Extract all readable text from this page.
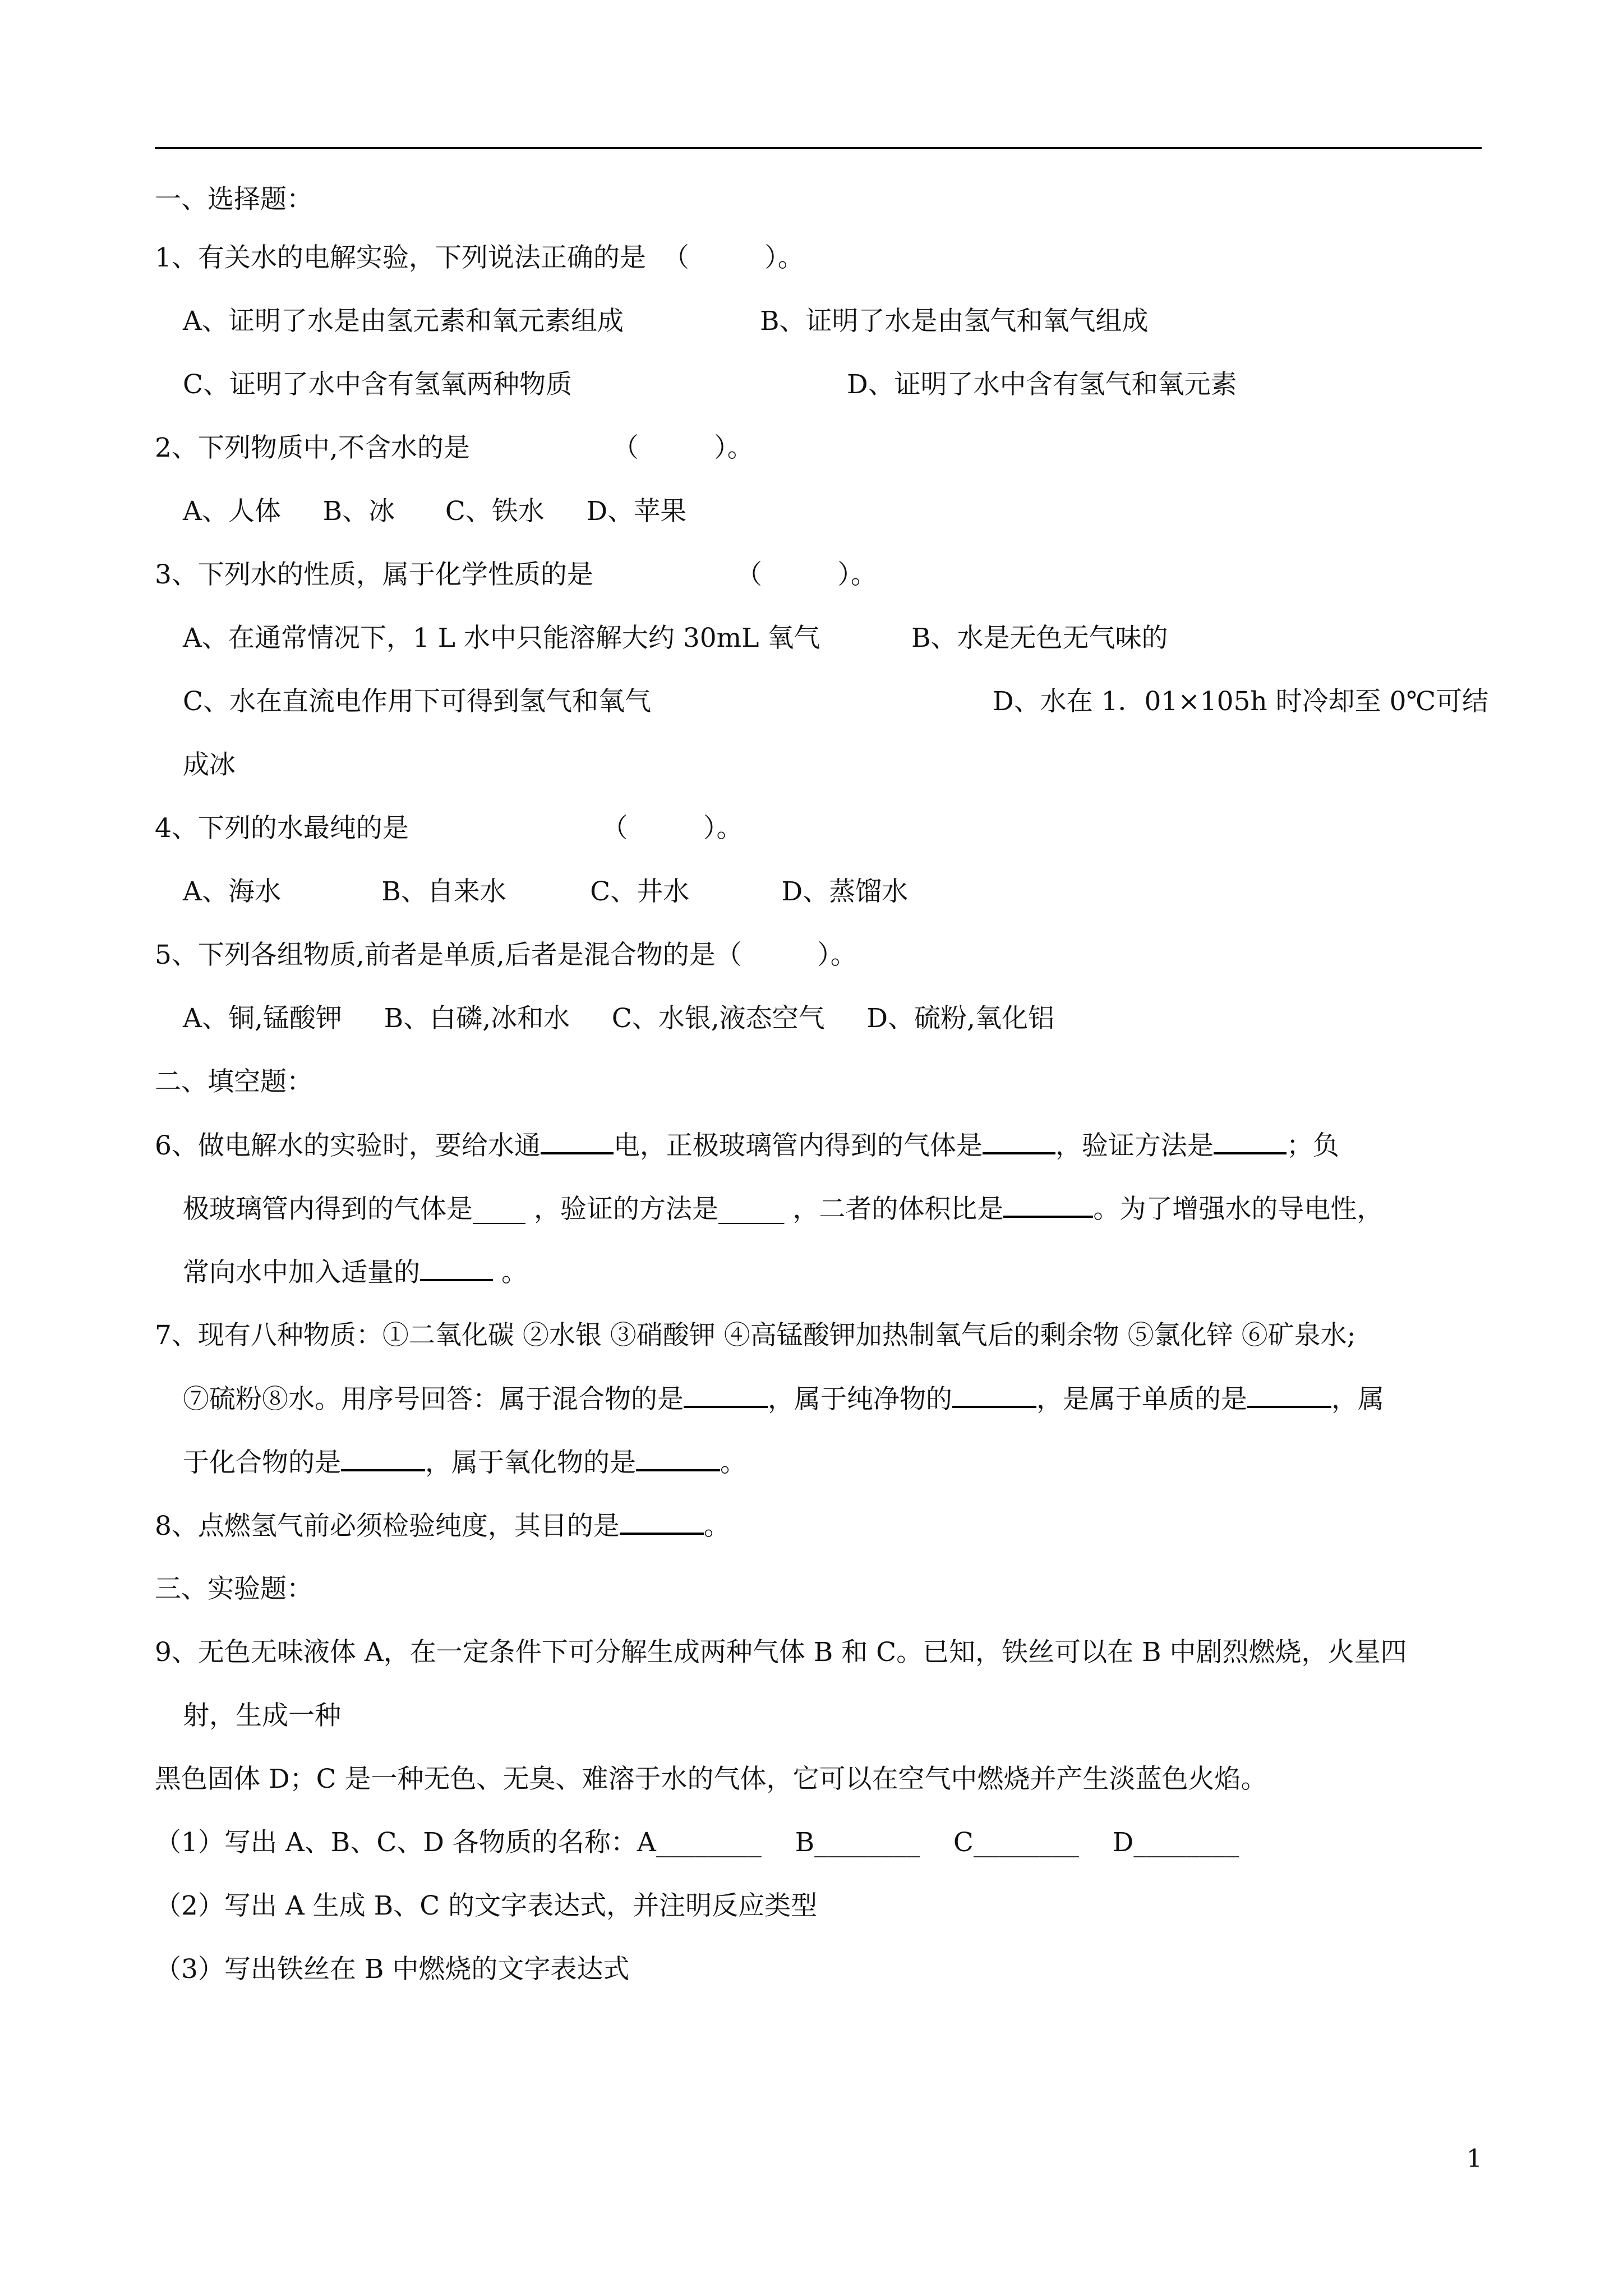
一、选择题：
1、有关水的电解实验，下列说法正确的是  （         ）。
A、证明了水是由氢元素和氧元素组成	B、证明了水是由氢气和氧气组成
C、证明了水中含有氢氧两种物质	D、证明了水中含有氢气和氧元素
2、下列物质中,不含水的是                 （         ）。
A、人体     B、冰      C、铁水     D、苹果
3、下列水的性质，属于化学性质的是                 （         ）。
A、在通常情况下，1 L 水中只能溶解大约 30mL 氧气	B、水是无色无气味的
C、水在直流电作用下可得到氢气和氧气	D、水在 1．01×105h 时冷却至 0℃可结
成冰
4、下列的水最纯的是                       （         ）。
A、海水            B、自来水          C、井水           D、蒸馏水
5、下列各组物质,前者是单质,后者是混合物的是（         ）。
A、铜,锰酸钾     B、白磷,冰和水     C、水银,液态空气     D、硫粉,氧化铝
二、填空题：
6、做电解水的实验时，要给水通	电，正极玻璃管内得到的气体是	，验证方法是	；负
极玻璃管内得到的气体是____ ，验证的方法是_____ ，二者的体积比是	。为了增强水的导电性，
常向水中加入适量的	。
7、现有八种物质：①二氧化碳 ②水银 ③硝酸钾 ④高锰酸钾加热制氧气后的剩余物 ⑤氯化锌 ⑥矿泉水;
⑦硫粉⑧水。用序号回答：属于混合物的是	，属于纯净物的	，是属于单质的是	，属
于化合物的是	，属于氧化物的是	。
8、点燃氢气前必须检验纯度，其目的是	。
三、实验题：
9、无色无味液体 A，在一定条件下可分解生成两种气体 B 和 C。已知，铁丝可以在 B 中剧烈燃烧，火星四
射，生成一种
黑色固体 D；C 是一种无色、无臭、难溶于水的气体，它可以在空气中燃烧并产生淡蓝色火焰。
（1）写出 A、B、C、D 各物质的名称：A________    B________    C________    D________
（2）写出 A 生成 B、C 的文字表达式，并注明反应类型
（3）写出铁丝在 B 中燃烧的文字表达式
1
